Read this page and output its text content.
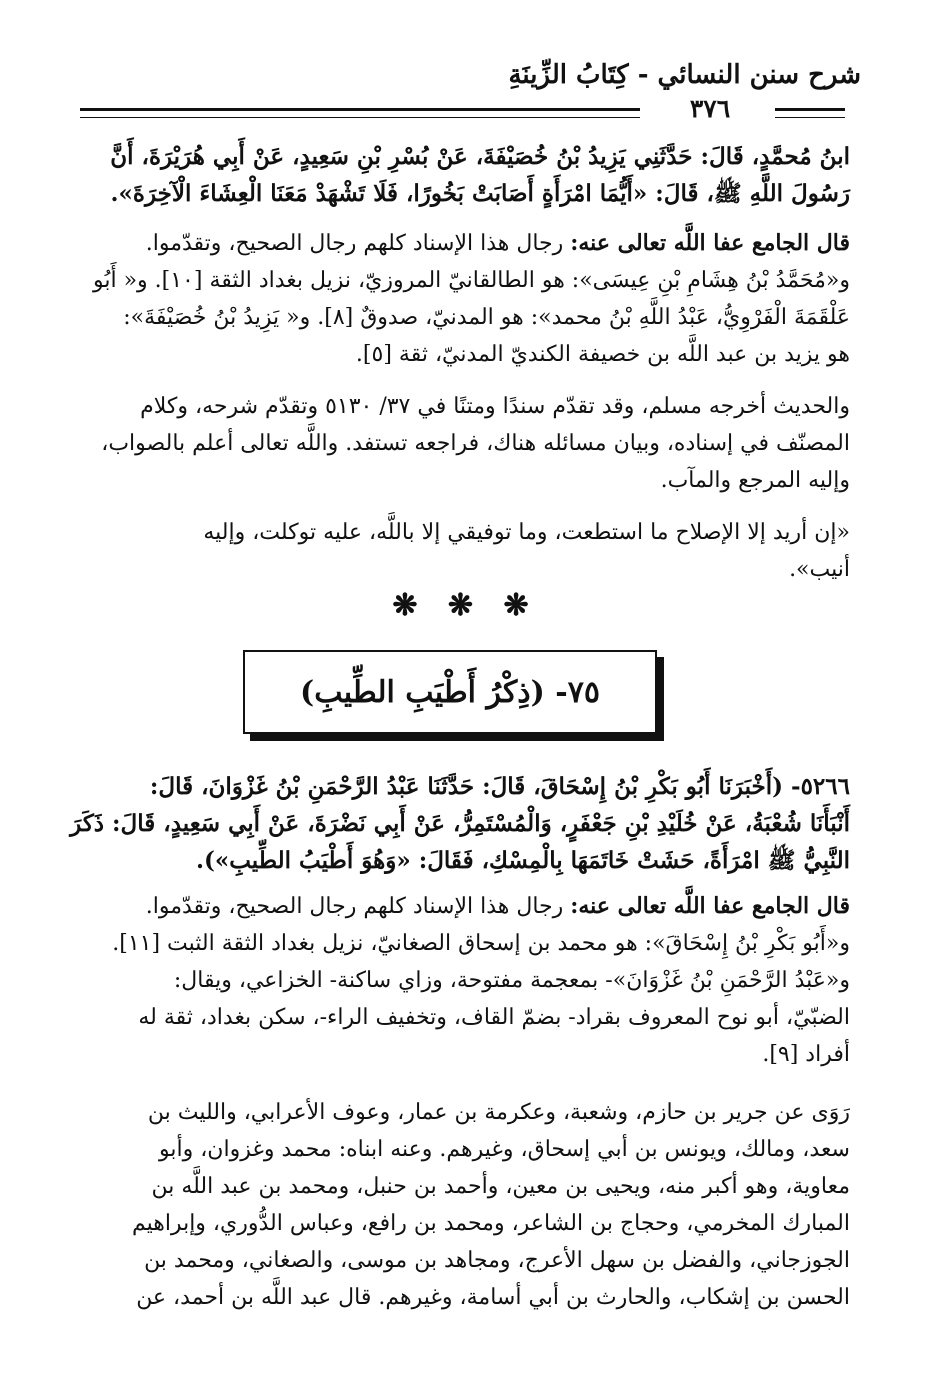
شرح سنن النسائي - كِتَابُ الزِّينَةِ
٣٧٦

ابنُ مُحمَّدٍ، قَالَ: حَدَّثَنِي يَزِيدُ بْنُ خُصَيْفَةَ، عَنْ بُسْرِ بْنِ سَعِيدٍ، عَنْ أَبِي هُرَيْرَةَ، أَنَّ

رَسُولَ اللَّهِ ﷺ، قَالَ: «أَيُّمَا امْرَأَةٍ أَصَابَتْ بَخُورًا، فَلَا تَشْهَدْ مَعَنَا الْعِشَاءَ الْآخِرَةَ».

قال الجامع عفا اللَّه تعالى عنه: رجال هذا الإسناد كلهم رجال الصحيح، وتقدّموا.

و«مُحَمَّدُ بْنُ هِشَامِ بْنِ عِيسَى»: هو الطالقانيّ المروزيّ، نزيل بغداد الثقة [١٠]. و« أَبُو

عَلْقَمَةَ الْفَرْوِيُّ، عَبْدُ اللَّهِ بْنُ محمد»: هو المدنيّ، صدوقٌ [٨]. و« يَزِيدُ بْنُ خُصَيْفَةَ»:

هو يزيد بن عبد اللَّه بن خصيفة الكنديّ المدنيّ، ثقة [٥].

والحديث أخرجه مسلم، وقد تقدّم سندًا ومتنًا في ٣٧/ ٥١٣٠ وتقدّم شرحه، وكلام

المصنّف في إسناده، وبيان مسائله هناك، فراجعه تستفد. واللَّه تعالى أعلم بالصواب،

وإليه المرجع والمآب.

«إن أريد إلا الإصلاح ما استطعت، وما توفيقي إلا باللَّه، عليه توكلت، وإليه

أنيب».

❋ ❋ ❋
٧٥- (ذِكْرُ أَطْيَبِ الطِّيبِ)

٥٢٦٦- (أَخْبَرَنَا أَبُو بَكْرِ بْنُ إِسْحَاقَ، قَالَ: حَدَّثَنَا عَبْدُ الرَّحْمَنِ بْنُ غَزْوَانَ، قَالَ:

أَنْبَأَنَا شُعْبَةُ، عَنْ خُلَيْدِ بْنِ جَعْفَرٍ، وَالْمُسْتَمِرُّ، عَنْ أَبِي نَضْرَةَ، عَنْ أَبِي سَعِيدٍ، قَالَ: ذَكَرَ

النَّبِيُّ ﷺ امْرَأَةً، حَشَتْ خَاتَمَهَا بِالْمِسْكِ، فَقَالَ: «وَهُوَ أَطْيَبُ الطِّيبِ»).

قال الجامع عفا اللَّه تعالى عنه: رجال هذا الإسناد كلهم رجال الصحيح، وتقدّموا.

و«أَبُو بَكْرِ بْنُ إِسْحَاقَ»: هو محمد بن إسحاق الصغانيّ، نزيل بغداد الثقة الثبت [١١].

و«عَبْدُ الرَّحْمَنِ بْنُ غَزْوَانَ»- بمعجمة مفتوحة، وزاي ساكنة- الخزاعي، ويقال:

الضبّيّ، أبو نوح المعروف بقراد- بضمّ القاف، وتخفيف الراء-، سكن بغداد، ثقة له

أفراد [٩].

رَوَى عن جرير بن حازم، وشعبة، وعكرمة بن عمار، وعوف الأعرابي، والليث بن

سعد، ومالك، ويونس بن أبي إسحاق، وغيرهم. وعنه ابناه: محمد وغزوان، وأبو

معاوية، وهو أكبر منه، ويحيى بن معين، وأحمد بن حنبل، ومحمد بن عبد اللَّه بن

المبارك المخرمي، وحجاج بن الشاعر، ومحمد بن رافع، وعباس الدُّوري، وإبراهيم

الجوزجاني، والفضل بن سهل الأعرج، ومجاهد بن موسى، والصغاني، ومحمد بن

الحسن بن إشكاب، والحارث بن أبي أسامة، وغيرهم. قال عبد اللَّه بن أحمد، عن
